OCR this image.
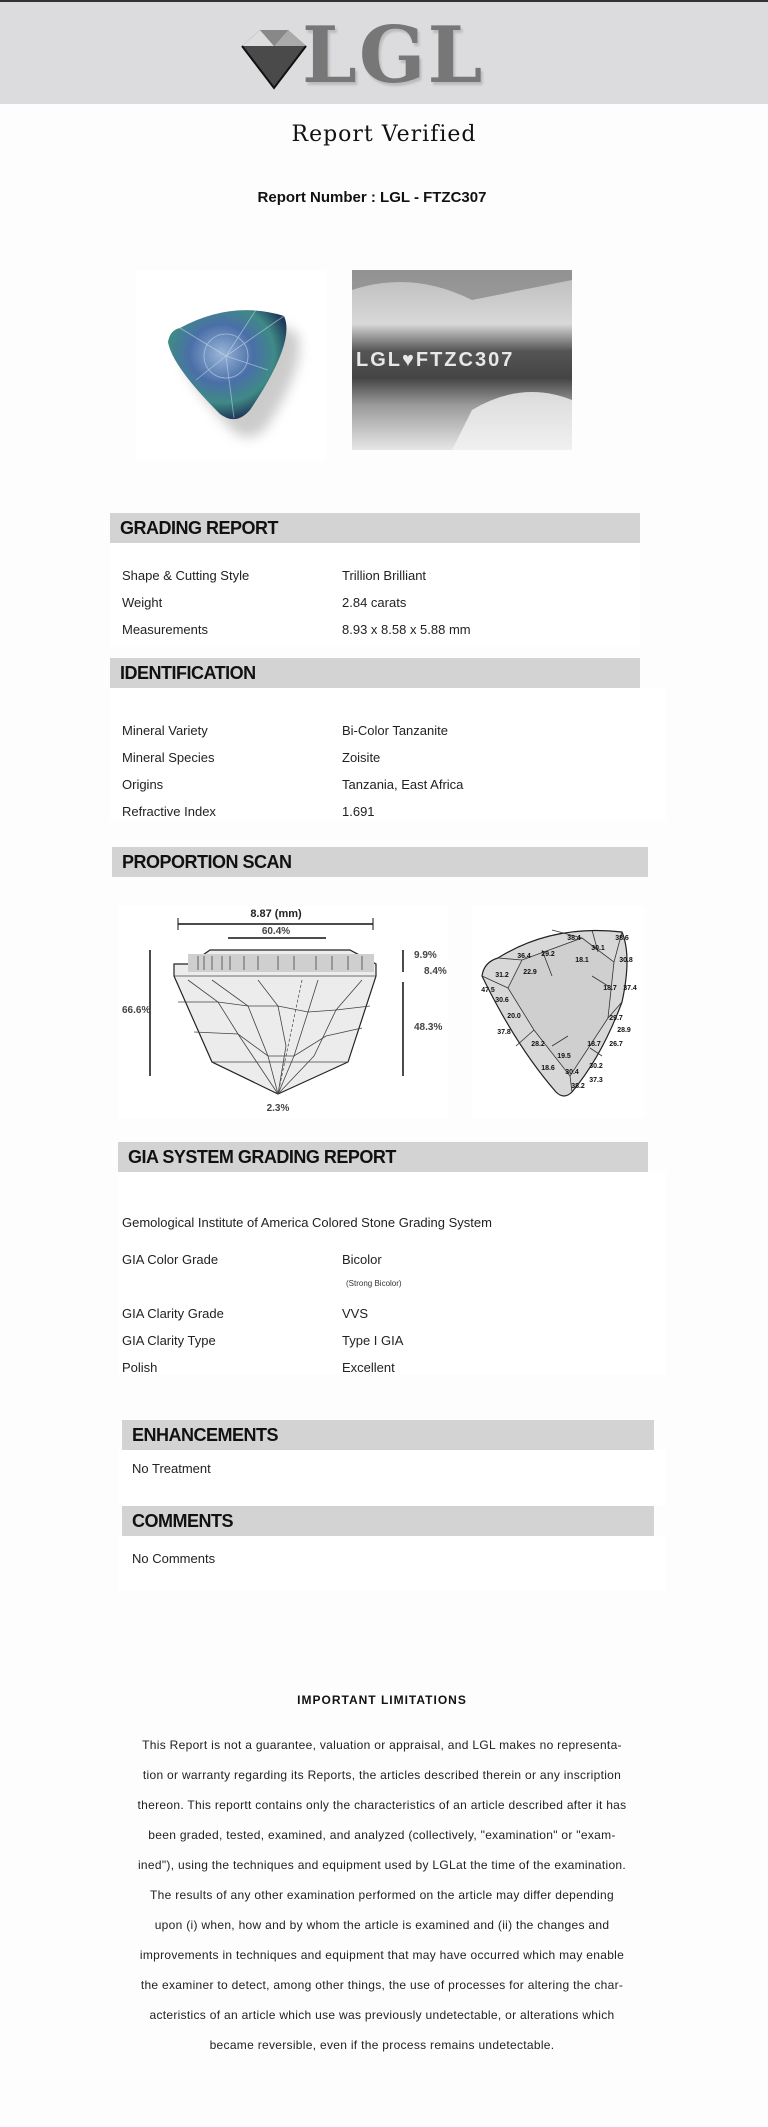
LGL
Report Verified
Report Number : LGL - FTZC307
LGL♥FTZC307
GRADING REPORT
Shape & Cutting Style	Trillion Brilliant
Weight	2.84 carats
Measurements	8.93 x 8.58 x 5.88 mm
IDENTIFICATION
Mineral Variety	Bi-Color Tanzanite
Mineral Species	Zoisite
Origins	Tanzania, East Africa
Refractive Index	1.691
PROPORTION SCAN
8.87 (mm)
60.4%
66.6%
9.9%
8.4%
48.3%
2.3%
38.4
30.1
38.6
36.4 29.2
18.1	30.8
31.2 22.9
18.7 37.4
47.5
30.6
20.0	29.7
37.8
28.2	18.7
28.9
26.7
19.5
18.6
30.4
30.2
38.2
37.3
GIA SYSTEM GRADING REPORT
Gemological Institute of America Colored Stone Grading System
GIA Color Grade	Bicolor
(Strong Bicolor)
GIA Clarity Grade	VVS
GIA Clarity Type	Type I GIA
Polish	Excellent
ENHANCEMENTS
No Treatment
COMMENTS
No Comments
IMPORTANT LIMITATIONS
This Report is not a guarantee, valuation or appraisal, and LGL makes no representa-
tion or warranty regarding its Reports, the articles described therein or any inscription
thereon. This reportt contains only the characteristics of an article described after it has
been graded, tested, examined, and analyzed (collectively, "examination" or "exam-
ined"), using the techniques and equipment used by LGLat the time of the examination.
The results of any other examination performed on the article may differ depending
upon (i) when, how and by whom the article is examined and (ii) the changes and
improvements in techniques and equipment that may have occurred which may enable
the examiner to detect, among other things, the use of processes for altering the char-
acteristics of an article which use was previously undetectable, or alterations which
became reversible, even if the process remains undetectable.
